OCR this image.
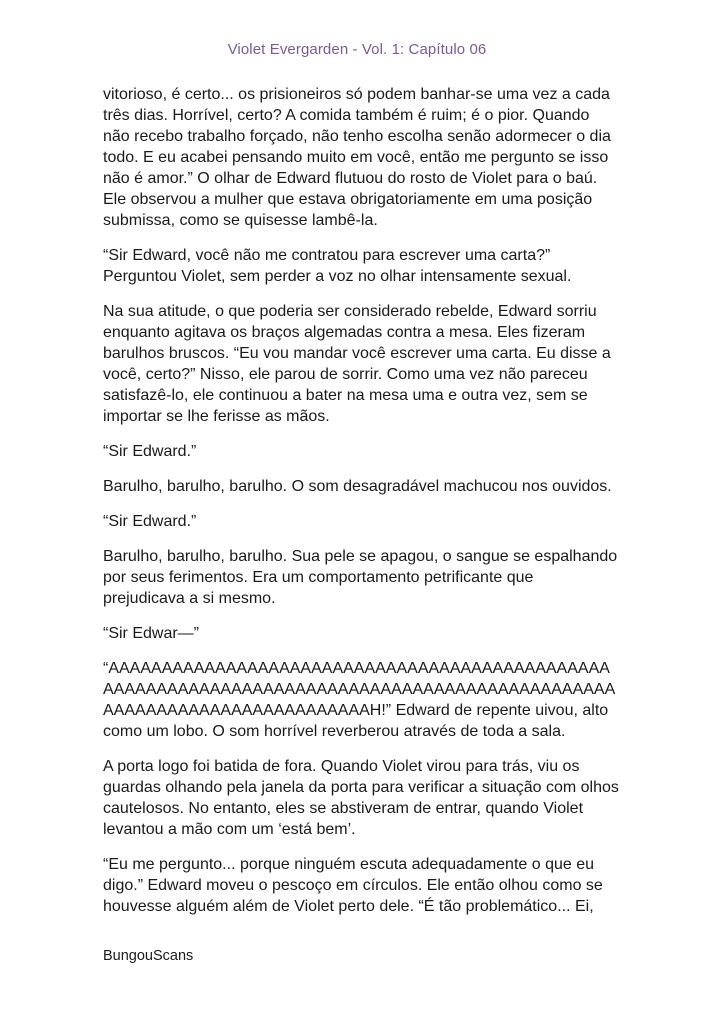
Violet Evergarden - Vol. 1: Capítulo 06

vitorioso, é certo... os prisioneiros só podem banhar-se uma vez a cada três dias. Horrível, certo? A comida também é ruim; é o pior. Quando não recebo trabalho forçado, não tenho escolha senão adormecer o dia todo. E eu acabei pensando muito em você, então me pergunto se isso não é amor.” O olhar de Edward flutuou do rosto de Violet para o baú. Ele observou a mulher que estava obrigatoriamente em uma posição submissa, como se quisesse lambê-la.

“Sir Edward, você não me contratou para escrever uma carta?” Perguntou Violet, sem perder a voz no olhar intensamente sexual.

Na sua atitude, o que poderia ser considerado rebelde, Edward sorriu enquanto agitava os braços algemadas contra a mesa. Eles fizeram barulhos bruscos. “Eu vou mandar você escrever uma carta. Eu disse a você, certo?” Nisso, ele parou de sorrir. Como uma vez não pareceu satisfazê-lo, ele continuou a bater na mesa uma e outra vez, sem se importar se lhe ferisse as mãos.

“Sir Edward.”

Barulho, barulho, barulho. O som desagradável machucou nos ouvidos.

“Sir Edward.”

Barulho, barulho, barulho. Sua pele se apagou, o sangue se espalhando por seus ferimentos. Era um comportamento petrificante que prejudicava a si mesmo.

“Sir Edwar—”

“AAAAAAAAAAAAAAAAAAAAAAAAAAAAAAAAAAAAAAAAAAAAAAAAAAAAAAAAAAAAAAAAAAAAAAAAAAAAAAAAAAAAAAAAAAAAAAAAAAAAAAAAAAAAAAAAAAAAAAAAH!” Edward de repente uivou, alto como um lobo. O som horrível reverberou através de toda a sala.

A porta logo foi batida de fora. Quando Violet virou para trás, viu os guardas olhando pela janela da porta para verificar a situação com olhos cautelosos. No entanto, eles se abstiveram de entrar, quando Violet levantou a mão com um ‘está bem’.

“Eu me pergunto... porque ninguém escuta adequadamente o que eu digo.” Edward moveu o pescoço em círculos. Ele então olhou como se houvesse alguém além de Violet perto dele. “É tão problemático... Ei,

BungouScans
